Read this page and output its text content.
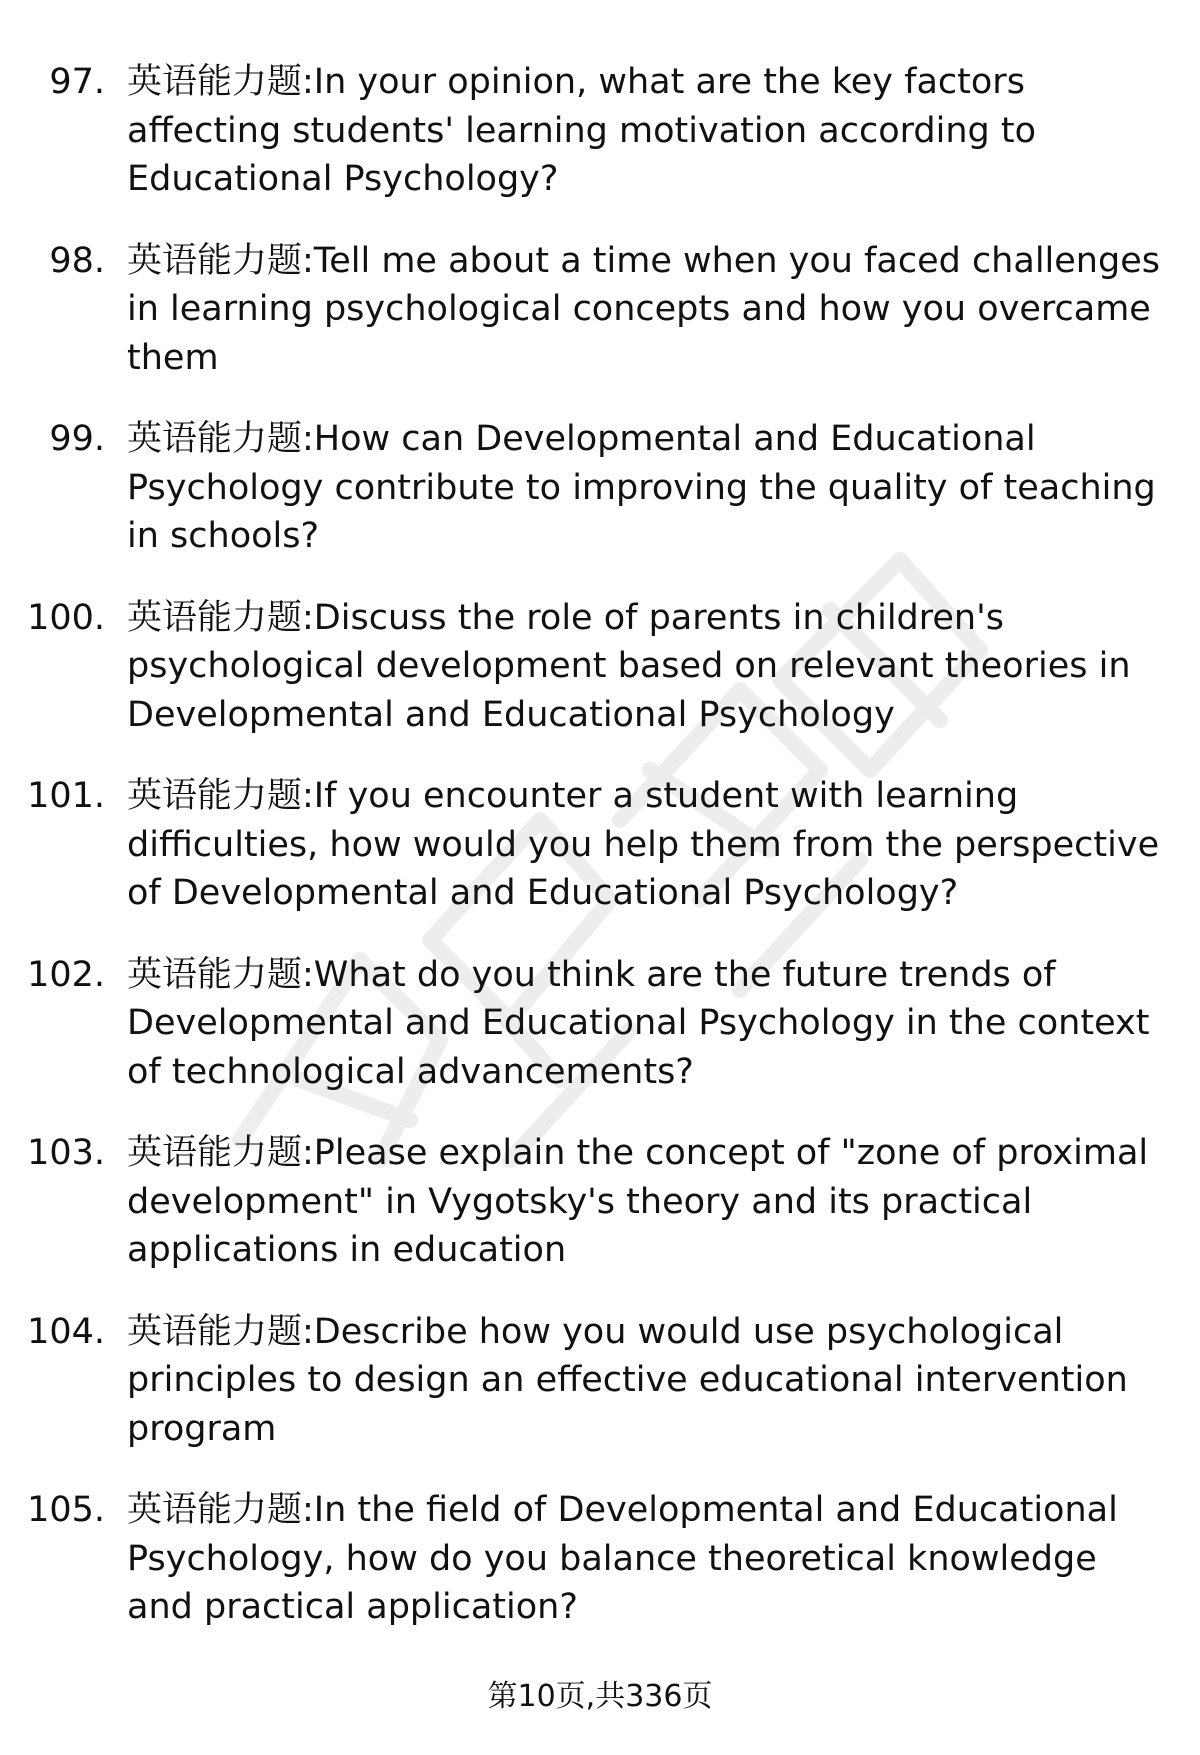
97. 英语能力题:In your opinion, what are the key factors affecting students' learning motivation according to Educational Psychology?
98. 英语能力题:Tell me about a time when you faced challenges in learning psychological concepts and how you overcame them
99. 英语能力题:How can Developmental and Educational Psychology contribute to improving the quality of teaching in schools?
100. 英语能力题:Discuss the role of parents in children's psychological development based on relevant theories in Developmental and Educational Psychology
101. 英语能力题:If you encounter a student with learning difficulties, how would you help them from the perspective of Developmental and Educational Psychology?
102. 英语能力题:What do you think are the future trends of Developmental and Educational Psychology in the context of technological advancements?
103. 英语能力题:Please explain the concept of "zone of proximal development" in Vygotsky's theory and its practical applications in education
104. 英语能力题:Describe how you would use psychological principles to design an effective educational intervention program
105. 英语能力题:In the field of Developmental and Educational Psychology, how do you balance theoretical knowledge and practical application?
第10页,共336页
